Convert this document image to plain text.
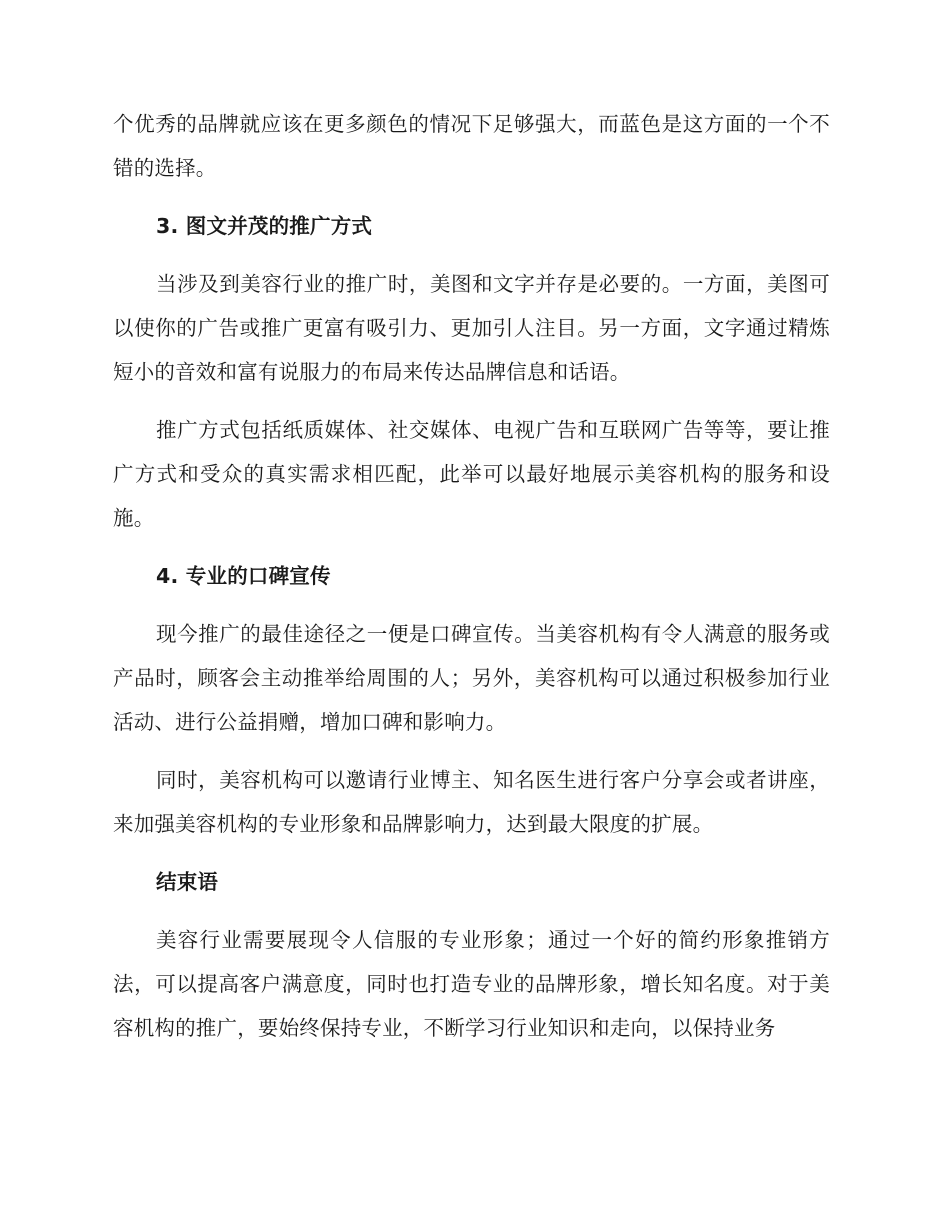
个优秀的品牌就应该在更多颜色的情况下足够强大，而蓝色是这方面的一个不错的选择。

3. 图文并茂的推广方式

当涉及到美容行业的推广时，美图和文字并存是必要的。一方面，美图可以使你的广告或推广更富有吸引力、更加引人注目。另一方面，文字通过精炼短小的音效和富有说服力的布局来传达品牌信息和话语。

推广方式包括纸质媒体、社交媒体、电视广告和互联网广告等等，要让推广方式和受众的真实需求相匹配，此举可以最好地展示美容机构的服务和设施。

4. 专业的口碑宣传

现今推广的最佳途径之一便是口碑宣传。当美容机构有令人满意的服务或产品时，顾客会主动推举给周围的人；另外，美容机构可以通过积极参加行业活动、进行公益捐赠，增加口碑和影响力。

同时，美容机构可以邀请行业博主、知名医生进行客户分享会或者讲座，来加强美容机构的专业形象和品牌影响力，达到最大限度的扩展。

结束语

美容行业需要展现令人信服的专业形象；通过一个好的简约形象推销方法，可以提高客户满意度，同时也打造专业的品牌形象，增长知名度。对于美容机构的推广，要始终保持专业，不断学习行业知识和走向，以保持业务
